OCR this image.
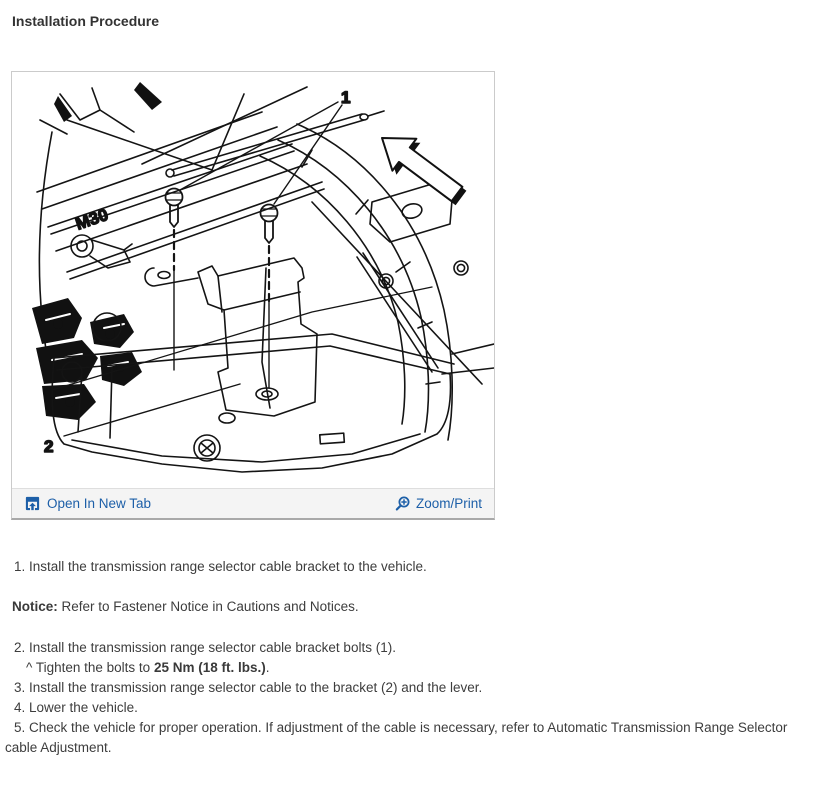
Installation Procedure
M30
1
2
Open In New Tab	Zoom/Print
1. Install the transmission range selector cable bracket to the vehicle.
Notice: Refer to Fastener Notice in Cautions and Notices.
2. Install the transmission range selector cable bracket bolts (1).
^ Tighten the bolts to 25 Nm (18 ft. lbs.).
3. Install the transmission range selector cable to the bracket (2) and the lever.
4. Lower the vehicle.
5. Check the vehicle for proper operation. If adjustment of the cable is necessary, refer to Automatic Transmission Range Selector cable Adjustment.
